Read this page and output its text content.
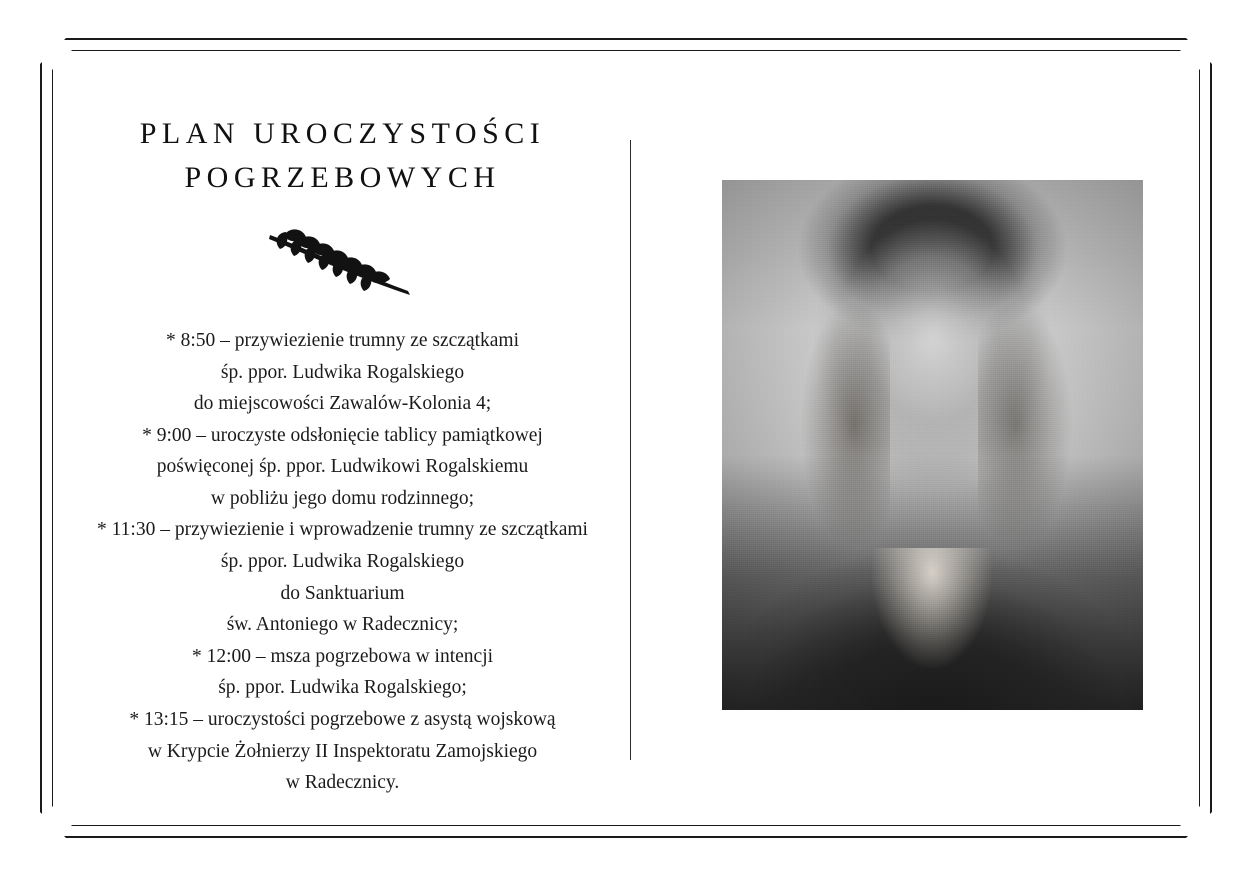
PLAN UROCZYSTOŚCI
POGRZEBOWYCH
* 8:50 – przywiezienie trumny ze szczątkami
śp. ppor. Ludwika Rogalskiego
do miejscowości Zawalów-Kolonia 4;
* 9:00 – uroczyste odsłonięcie tablicy pamiątkowej
poświęconej śp. ppor. Ludwikowi Rogalskiemu
w pobliżu jego domu rodzinnego;
* 11:30 – przywiezienie i wprowadzenie trumny ze szczątkami
śp. ppor. Ludwika Rogalskiego
do Sanktuarium
św. Antoniego w Radecznicy;
* 12:00 – msza pogrzebowa w intencji
śp. ppor. Ludwika Rogalskiego;
* 13:15 – uroczystości pogrzebowe z asystą wojskową
w Krypcie Żołnierzy II Inspektoratu Zamojskiego
w Radecznicy.
